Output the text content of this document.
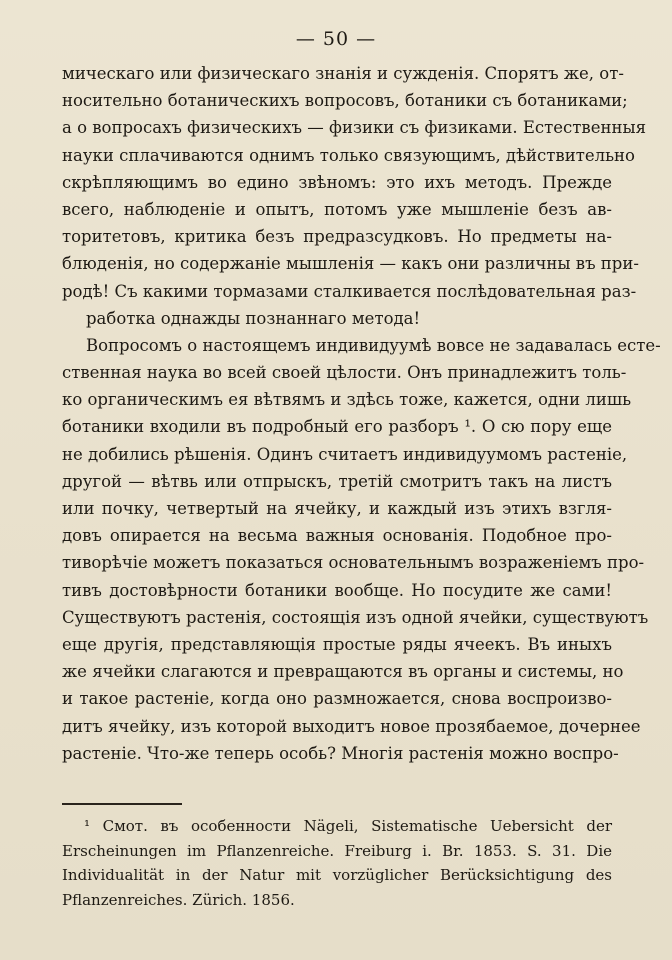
— 50 —
мическаго или физическаго знанія и сужденія. Спорятъ же, от-
носительно ботаническихъ вопросовъ, ботаники съ ботаниками;
а о вопросахъ физическихъ — физики съ физиками. Естественныя
науки сплачиваются однимъ только связующимъ, дѣйствительно
скрѣпляющимъ во едино звѣномъ: это ихъ методъ. Прежде
всего, наблюденіе и опытъ, потомъ уже мышленіе безъ ав-
торитетовъ, критика безъ предразсудковъ. Но предметы на-
блюденія, но содержаніе мышленія — какъ они различны въ при-
родѣ! Съ какими тормазами сталкивается послѣдовательная раз-
работка однажды познаннаго метода!
Вопросомъ о настоящемъ индивидуумѣ вовсе не задавалась есте-
ственная наука во всей своей цѣлости. Онъ принадлежитъ толь-
ко органическимъ ея вѣтвямъ и здѣсь тоже, кажется, одни лишь
ботаники входили въ подробный его разборъ ¹. О сю пору еще
не добились рѣшенія. Одинъ считаетъ индивидуумомъ растеніе,
другой — вѣтвь или отпрыскъ, третій смотритъ такъ на листъ
или почку, четвертый на ячейку, и каждый изъ этихъ взгля-
довъ опирается на весьма важныя основанія. Подобное про-
тиворѣчіе можетъ показаться основательнымъ возраженіемъ про-
тивъ достовѣрности ботаники вообще. Но посудите же сами!
Существуютъ растенія, состоящія изъ одной ячейки, существуютъ
еще другія, представляющія простые ряды ячеекъ. Въ иныхъ
же ячейки слагаются и превращаются въ органы и системы, но
и такое растеніе, когда оно размножается, снова воспроизво-
дитъ ячейку, изъ которой выходитъ новое прозябаемое, дочернее
растеніе. Что-же теперь особь? Многія растенія можно воспро-
¹ Смот. въ особенности Nägeli, Sistematische Uebersicht der
Erscheinungen im Pflanzenreiche. Freiburg i. Br. 1853. S. 31. Die
Individualität in der Natur mit vorzüglicher Berücksichtigung des
Pflanzenreiches. Zürich. 1856.
